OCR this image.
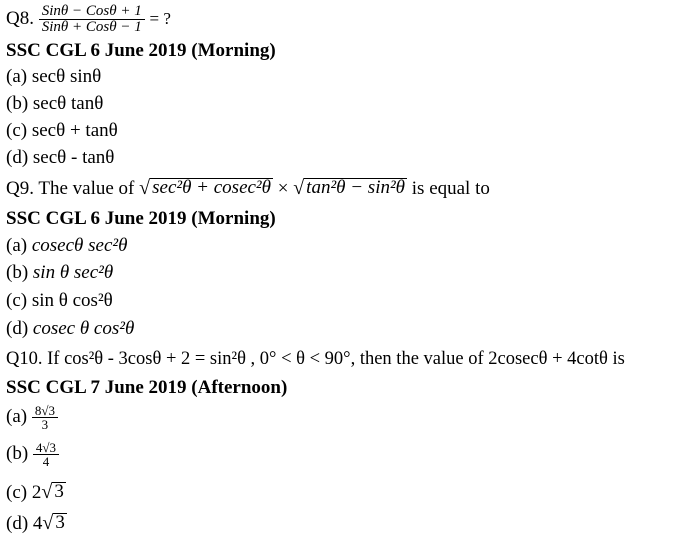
Q8. $\frac{\text{Sinθ − Cosθ + 1}}{\text{Sinθ + Cosθ − 1}}$ = ?
SSC CGL 6 June 2019 (Morning)
(a) secθ sinθ
(b) secθ tanθ
(c) secθ + tanθ
(d) secθ - tanθ
Q9. The value of √ sec²θ + cosec²θ × √ tan²θ − sin²θ is equal to
SSC CGL 6 June 2019 (Morning)
(a) cosecθ sec²θ
(b) sin θ sec²θ
(c) sin θ cos²θ
(d) cosec θ cos²θ
Q10. If cos²θ - 3cosθ + 2 = sin²θ , 0° < θ < 90°, then the value of 2cosecθ + 4cotθ is
SSC CGL 7 June 2019 (Afternoon)
$(a) \frac{8√3}{3}$
$(b) \frac{4√3}{4}$
(c) 2 √ 3
(d) 4 √ 3
